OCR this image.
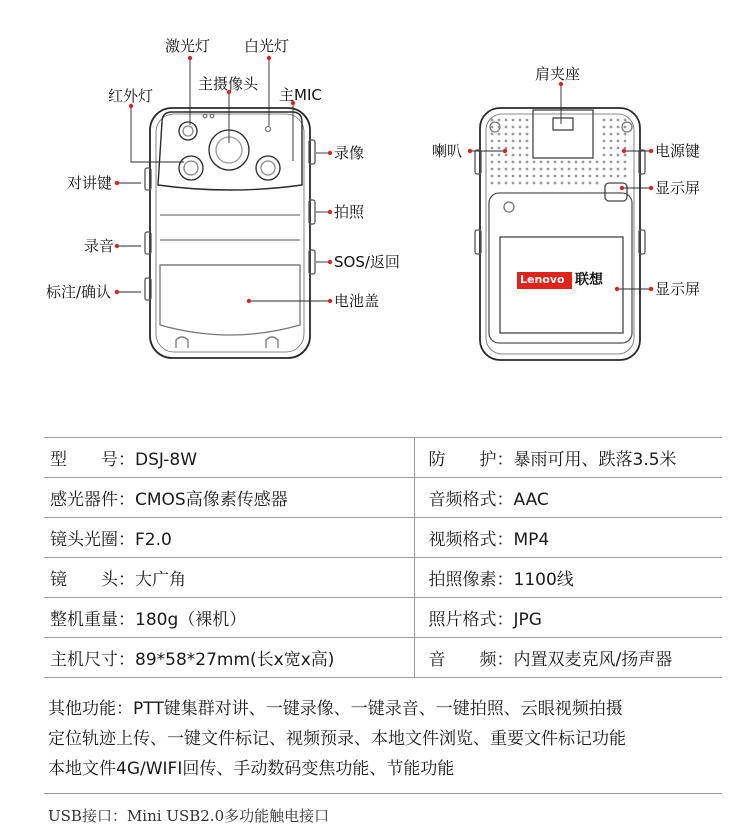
激光灯 白光灯
主摄像头
红外灯	主MIC
录像
对讲键
拍照
录音
SOS/返回
标注/确认	电池盖
肩夹座
喇叭	电源键
显示屏
显示屏
Lenovo 联想
型　　号：DSJ-8W	防　　护：暴雨可用、跌落3.5米
感光器件：CMOS高像素传感器	音频格式：AAC
镜头光圈：F2.0	视频格式：MP4
镜　　头：大广角	拍照像素：1100线
整机重量：180g（裸机）	照片格式：JPG
主机尺寸：89*58*27mm(长x宽x高)	音　　频：内置双麦克风/扬声器
其他功能：PTT键集群对讲、一键录像、一键录音、一键拍照、云眼视频拍摄
定位轨迹上传、一键文件标记、视频预录、本地文件浏览、重要文件标记功能
本地文件4G/WIFI回传、手动数码变焦功能、节能功能
USB接口：Mini USB2.0多功能触电接口
